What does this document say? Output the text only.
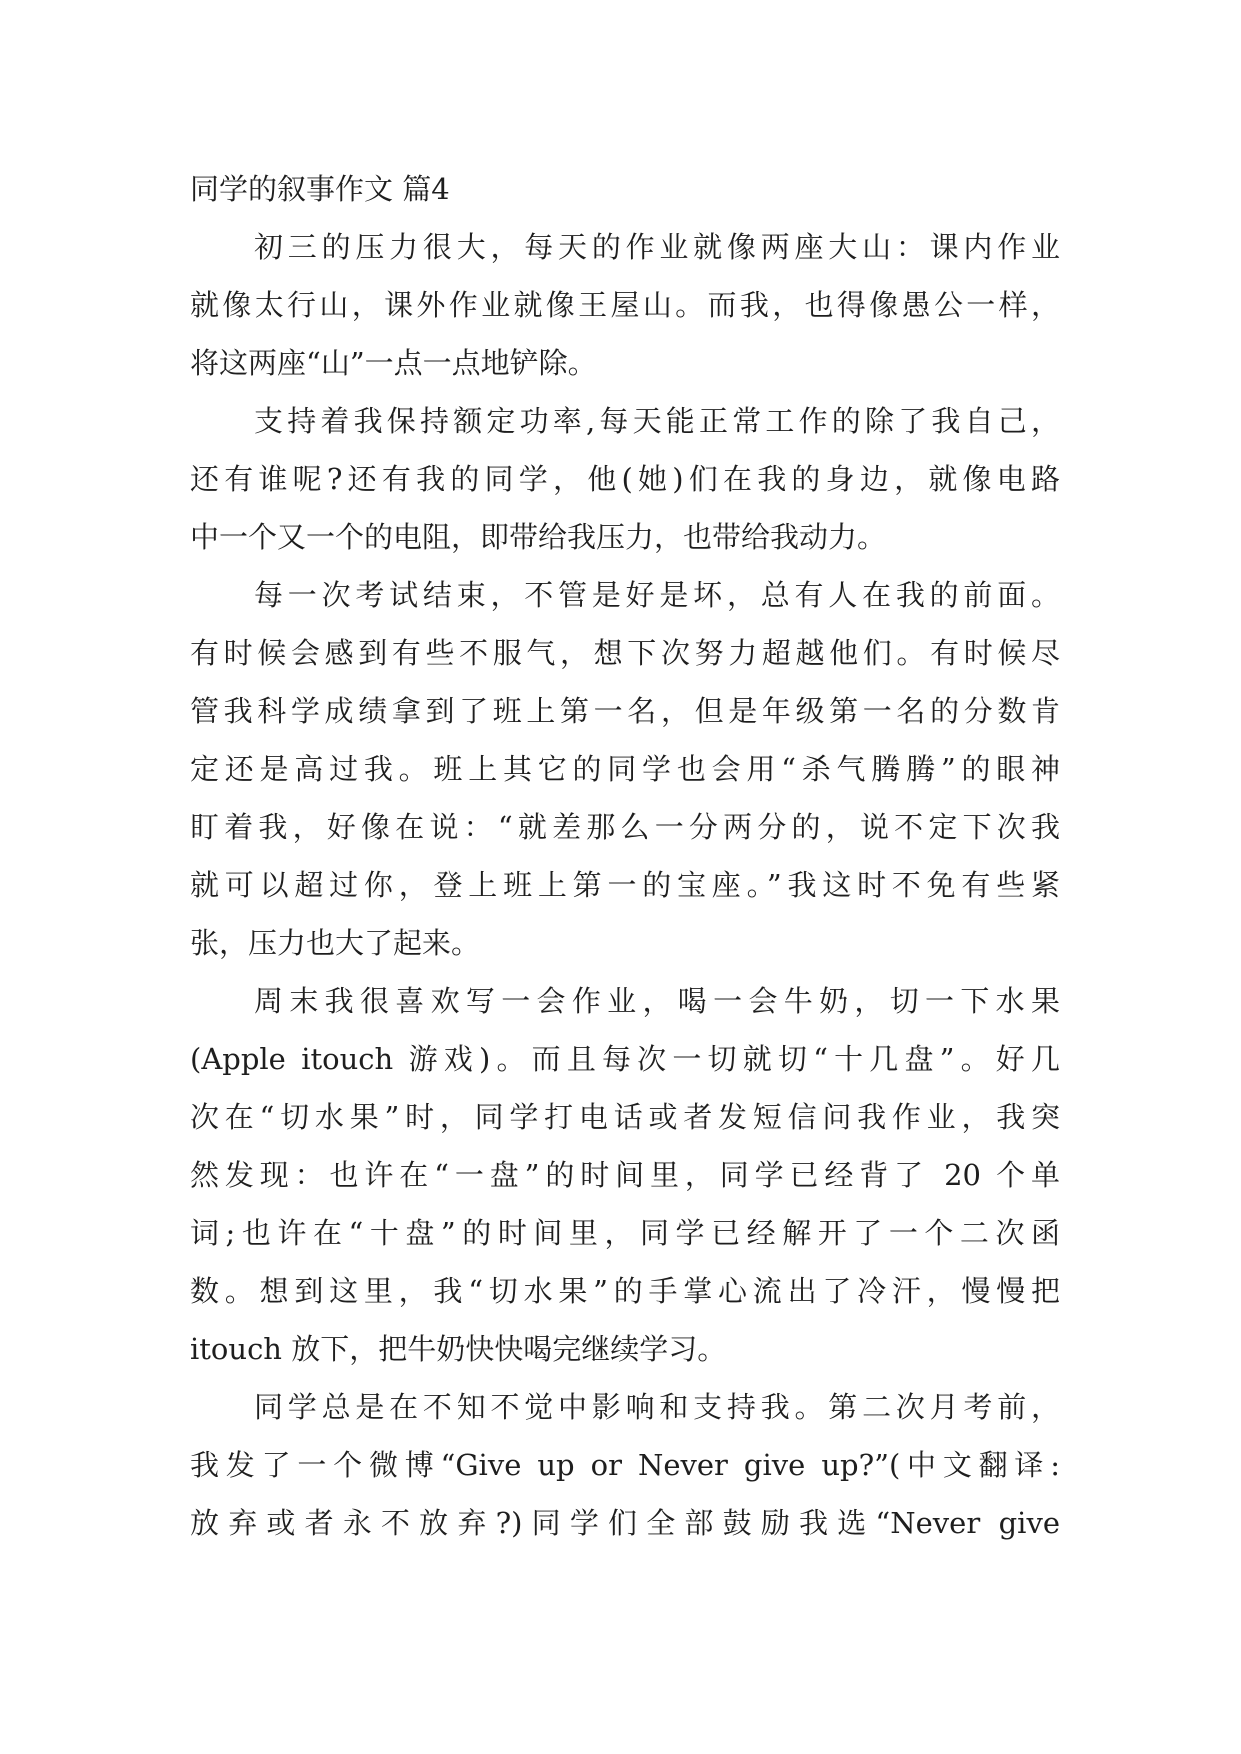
同学的叙事作文 篇4
初三的压力很大，每天的作业就像两座大山：课内作业
就像太行山，课外作业就像王屋山。而我，也得像愚公一样，
将这两座“山”一点一点地铲除。
支持着我保持额定功率,每天能正常工作的除了我自己，
还有谁呢?还有我的同学，他(她)们在我的身边，就像电路
中一个又一个的电阻，即带给我压力，也带给我动力。
每一次考试结束，不管是好是坏，总有人在我的前面。
有时候会感到有些不服气，想下次努力超越他们。有时候尽
管我科学成绩拿到了班上第一名，但是年级第一名的分数肯
定还是高过我。班上其它的同学也会用“杀气腾腾”的眼神
盯着我，好像在说：“就差那么一分两分的，说不定下次我
就可以超过你，登上班上第一的宝座。”我这时不免有些紧
张，压力也大了起来。
周末我很喜欢写一会作业，喝一会牛奶，切一下水果
(Apple itouch 游戏)。而且每次一切就切“十几盘”。好几
次在“切水果”时，同学打电话或者发短信问我作业，我突
然发现：也许在“一盘”的时间里，同学已经背了 20 个单
词;也许在“十盘”的时间里，同学已经解开了一个二次函
数。想到这里，我“切水果”的手掌心流出了冷汗，慢慢把
itouch 放下，把牛奶快快喝完继续学习。
同学总是在不知不觉中影响和支持我。第二次月考前，
我发了一个微博“Give up or Never give up?”(中文翻译:
放弃或者永不放弃?)同学们全部鼓励我选“Never give
